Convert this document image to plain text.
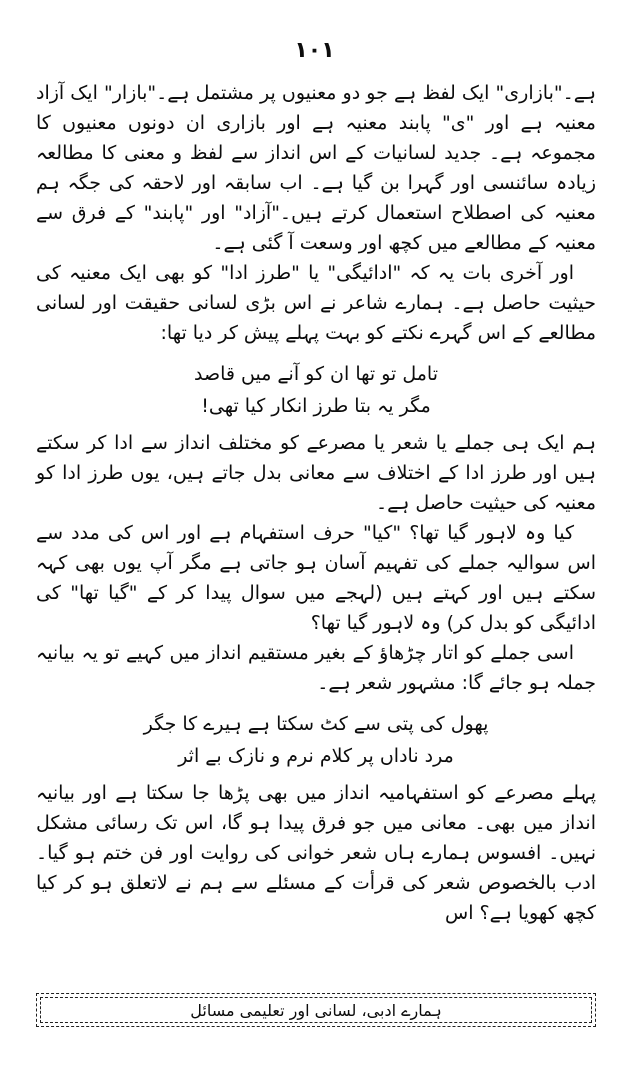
۱۰۱

ہے۔"بازاری" ایک لفظ ہے جو دو معنیوں پر مشتمل ہے۔"بازار" ایک آزاد معنیہ ہے اور "ی" پابند معنیہ ہے اور بازاری ان دونوں معنیوں کا مجموعہ ہے۔ جدید لسانیات کے اس انداز سے لفظ و معنی کا مطالعہ زیادہ سائنسی اور گہرا بن گیا ہے۔ اب سابقہ اور لاحقہ کی جگہ ہم معنیہ کی اصطلاح استعمال کرتے ہیں۔"آزاد" اور "پابند" کے فرق سے معنیہ کے مطالعے میں کچھ اور وسعت آ گئی ہے۔

اور آخری بات یہ کہ "ادائیگی" یا "طرز ادا" کو بھی ایک معنیہ کی حیثیت حاصل ہے۔ ہمارے شاعر نے اس بڑی لسانی حقیقت اور لسانی مطالعے کے اس گہرے نکتے کو بہت پہلے پیش کر دیا تھا:

تامل تو تھا ان کو آنے میں قاصد
مگر یہ بتا طرز انکار کیا تھی!

ہم ایک ہی جملے یا شعر یا مصرعے کو مختلف انداز سے ادا کر سکتے ہیں اور طرز ادا کے اختلاف سے معانی بدل جاتے ہیں، یوں طرز ادا کو معنیہ کی حیثیت حاصل ہے۔

کیا وہ لاہور گیا تھا؟ "کیا" حرف استفہام ہے اور اس کی مدد سے اس سوالیہ جملے کی تفہیم آسان ہو جاتی ہے مگر آپ یوں بھی کہہ سکتے ہیں اور کہتے ہیں (لہجے میں سوال پیدا کر کے "گیا تھا" کی ادائیگی کو بدل کر) وہ لاہور گیا تھا؟

اسی جملے کو اتار چڑھاؤ کے بغیر مستقیم انداز میں کہیے تو یہ بیانیہ جملہ ہو جائے گا: مشہور شعر ہے۔

پھول کی پتی سے کٹ سکتا ہے ہیرے کا جگر
مرد ناداں پر کلام نرم و نازک بے اثر

پہلے مصرعے کو استفہامیہ انداز میں بھی پڑھا جا سکتا ہے اور بیانیہ انداز میں بھی۔ معانی میں جو فرق پیدا ہو گا، اس تک رسائی مشکل نہیں۔ افسوس ہمارے ہاں شعر خوانی کی روایت اور فن ختم ہو گیا۔ ادب بالخصوص شعر کی قرأت کے مسئلے سے ہم نے لاتعلق ہو کر کیا کچھ کھویا ہے؟ اس

ہمارے ادبی، لسانی اور تعلیمی مسائل
